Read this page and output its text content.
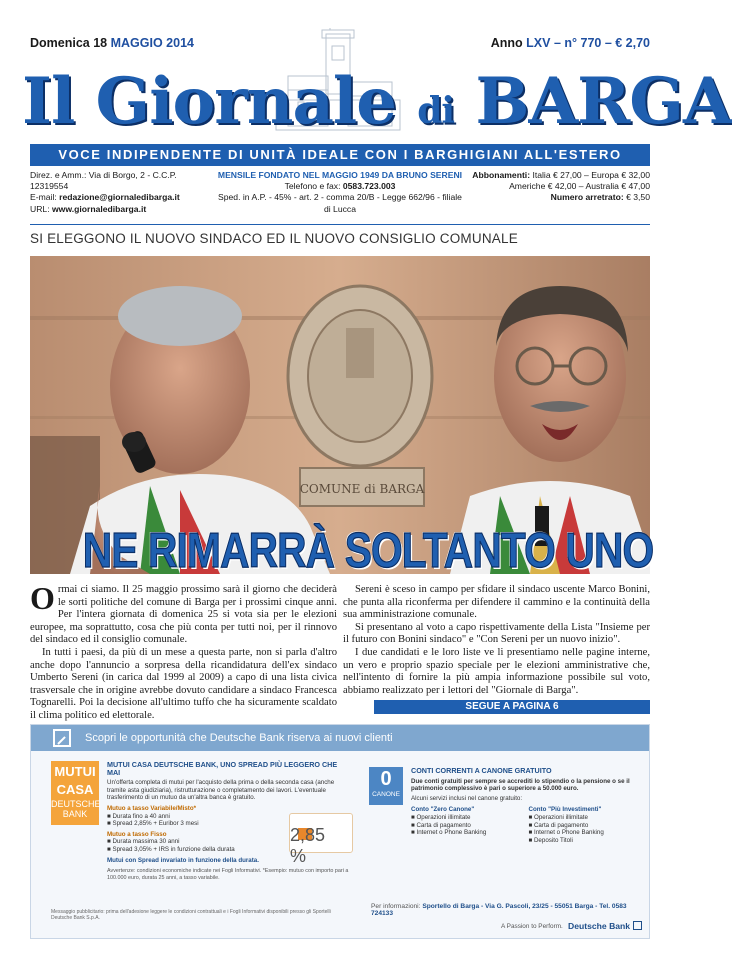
Domenica 18 MAGGIO 2014	Anno LXV – n° 770 – € 2,70
Il Giornale di BARGA
VOCE INDIPENDENTE DI UNITÀ IDEALE CON I BARGHIGIANI ALL'ESTERO
Direz. e Amm.: Via di Borgo, 2 - C.C.P. 12319554
E-mail: redazione@giornaledibarga.it
URL: www.giornaledibarga.it
MENSILE FONDATO NEL MAGGIO 1949 DA BRUNO SERENI
Telefono e fax: 0583.723.003
Sped. in A.P. - 45% - art. 2 - comma 20/B - Legge 662/96 - filiale di Lucca
Abbonamenti: Italia € 27,00 – Europa € 32,00
Americhe € 42,00 – Australia € 47,00
Numero arretrato: € 3,50
SI ELEGGONO IL NUOVO SINDACO ED IL NUOVO CONSIGLIO COMUNALE
COMUNE di BARGA
NE RIMARRÀ SOLTANTO UNO

Ormai ci siamo. Il 25 maggio prossimo sarà il giorno che deciderà le sorti politiche del comune di Barga per i prossimi cinque anni. Per l'intera giornata di domenica 25 si vota sia per le elezioni europee, ma soprattutto, cosa che più conta per tutti noi, per il rinnovo del sindaco ed il consiglio comunale.

In tutti i paesi, da più di un mese a questa parte, non si parla d'altro anche dopo l'annuncio a sorpresa della ricandidatura dell'ex sindaco Umberto Sereni (in carica dal 1999 al 2009) a capo di una lista civica trasversale che in origine avrebbe dovuto candidare a sindaco Francesca Tognarelli. Poi la decisione all'ultimo tuffo che ha sicuramente scaldato il clima politico ed elettorale.

Sereni è sceso in campo per sfidare il sindaco uscente Marco Bonini, che punta alla riconferma per difendere il cammino e la continuità della sua amministrazione comunale.

Si presentano al voto a capo rispettivamente della Lista "Insieme per il futuro con Bonini sindaco" e "Con Sereni per un nuovo inizio".

I due candidati e le loro liste ve li presentiamo nelle pagine interne, un vero e proprio spazio speciale per le elezioni amministrative che, nell'intento di fornire la più ampia informazione possibile sul voto, abbiamo realizzato per i lettori del "Giornale di Barga".

SEGUE A PAGINA 6
Scopri le opportunità che Deutsche Bank riserva ai nuovi clienti
MUTUI
CASA
DEUTSCHE BANK
MUTUI CASA DEUTSCHE BANK, UNO SPREAD PIÙ LEGGERO CHE MAI
Un'offerta completa di mutui per l'acquisto della prima o della seconda casa (anche tramite asta giudiziaria), ristrutturazione o completamento dei lavori. L'eventuale trasferimento di un mutuo da un'altra banca è gratuito.
Mutuo a tasso Variabile/Misto*
■ Durata fino a 40 anni
■ Spread 2,85% + Euribor 3 mesi
Mutuo a tasso Fisso
■ Durata massima 30 anni
■ Spread 3,05% + IRS in funzione della durata
Mutui con Spread invariato in funzione della durata.
Avvertenze: condizioni economiche indicate nei Fogli Informativi. *Esempio: mutuo con importo pari a 100.000 euro, durata 25 anni, a tasso variabile.
2,85 %
0
CANONE
CONTI CORRENTI A CANONE GRATUITO
Due conti gratuiti per sempre se accrediti lo stipendio o la pensione o se il patrimonio complessivo è pari o superiore a 50.000 euro.
Alcuni servizi inclusi nel canone gratuito:
Conto "Zero Canone"
■ Operazioni illimitate
■ Carta di pagamento
■ Internet o Phone Banking
Conto "Più Investimenti"
■ Operazioni illimitate
■ Carta di pagamento
■ Internet o Phone Banking
■ Deposito Titoli
Per informazioni: Sportello di Barga - Via G. Pascoli, 23/25 - 55051 Barga - Tel. 0583 724133
Messaggio pubblicitario: prima dell'adesione leggere le condizioni contrattuali e i Fogli Informativi disponibili presso gli Sportelli Deutsche Bank S.p.A.
A Passion to Perform. Deutsche Bank
